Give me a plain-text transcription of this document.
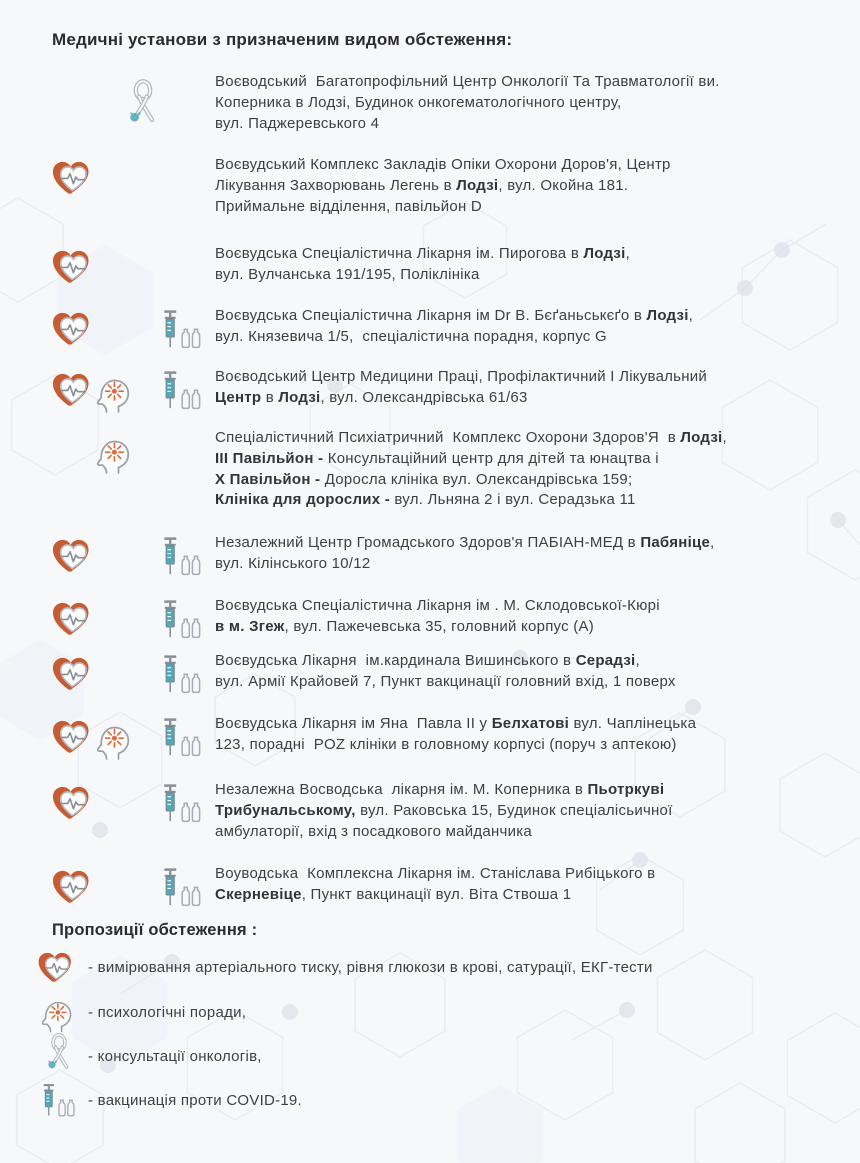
Медичні установи з призначеним видом обстеження:
Воєводський  Багатопрофільний Центр Онкології Та Травматології ви.
Коперника в Лодзі, Будинок онкогематологічного центру,
вул. Паджеревського 4
Воєвудський Комплекс Закладів Опіки Охорони Доров'я, Центр
Лікування Захворювань Легень в Лодзі, вул. Окойна 181.
Приймальне відділення, павільйон D
Воєвудська Спеціалістична Лікарня ім. Пирогова в Лодзі,
вул. Вулчанська 191/195, Поліклініка
Воєвудська Спеціалістична Лікарня ім Dr В. Бєґаньськєґо в Лодзі,
вул. Князевича 1/5,  спеціалістична порадня, корпус G
Воєводський Центр Медицини Праці, Профілактичний І Лікувальний
Центр в Лодзі, вул. Олександрівська 61/63
Спеціалістичний Психіатричний  Комплекс Охорони Здоров'Я  в Лодзі,
ІІІ Павільйон - Консультаційний центр для дітей та юнацтва і
Х Павільйон - Доросла клініка вул. Олександрівська 159;
Клініка для дорослих - вул. Льняна 2 і вул. Серадзька 11
Незалежний Центр Громадського Здоров'я ПАБІАН-МЕД в Пабяніце,
вул. Кілінського 10/12
Воєвудська Спеціалістична Лікарня ім . М. Склодовської-Кюрі
в м. Згеж, вул. Пажечевська 35, головний корпус (А)
Воєвудська Лікарня  ім.кардинала Вишинського в Серадзі,
вул. Армії Крайовей 7, Пункт вакцинації головний вхід, 1 поверх
Воєвудська Лікарня ім Яна  Павла II у Белхатові вул. Чаплінецька
123, порадні  POZ клініки в головному корпусі (поруч з аптекою)
Незалежна Восводська  лікарня ім. М. Коперника в Пьотркуві
Трибунальському, вул. Раковська 15, Будинок спеціалісьичної
амбулаторії, вхід з посадкового майданчика
Воуводська  Комплексна Лікарня ім. Станіслава Рибіцького в
Скерневіце, Пункт вакцинації вул. Віта Ствоша 1
Пропозиції обстеження :
- вимірювання артеріального тиску, рівня глюкози в крові, сатурації, ЕКГ-тести
- психологічні поради,
- консультації онкологів,
- вакцинація проти COVID-19.
